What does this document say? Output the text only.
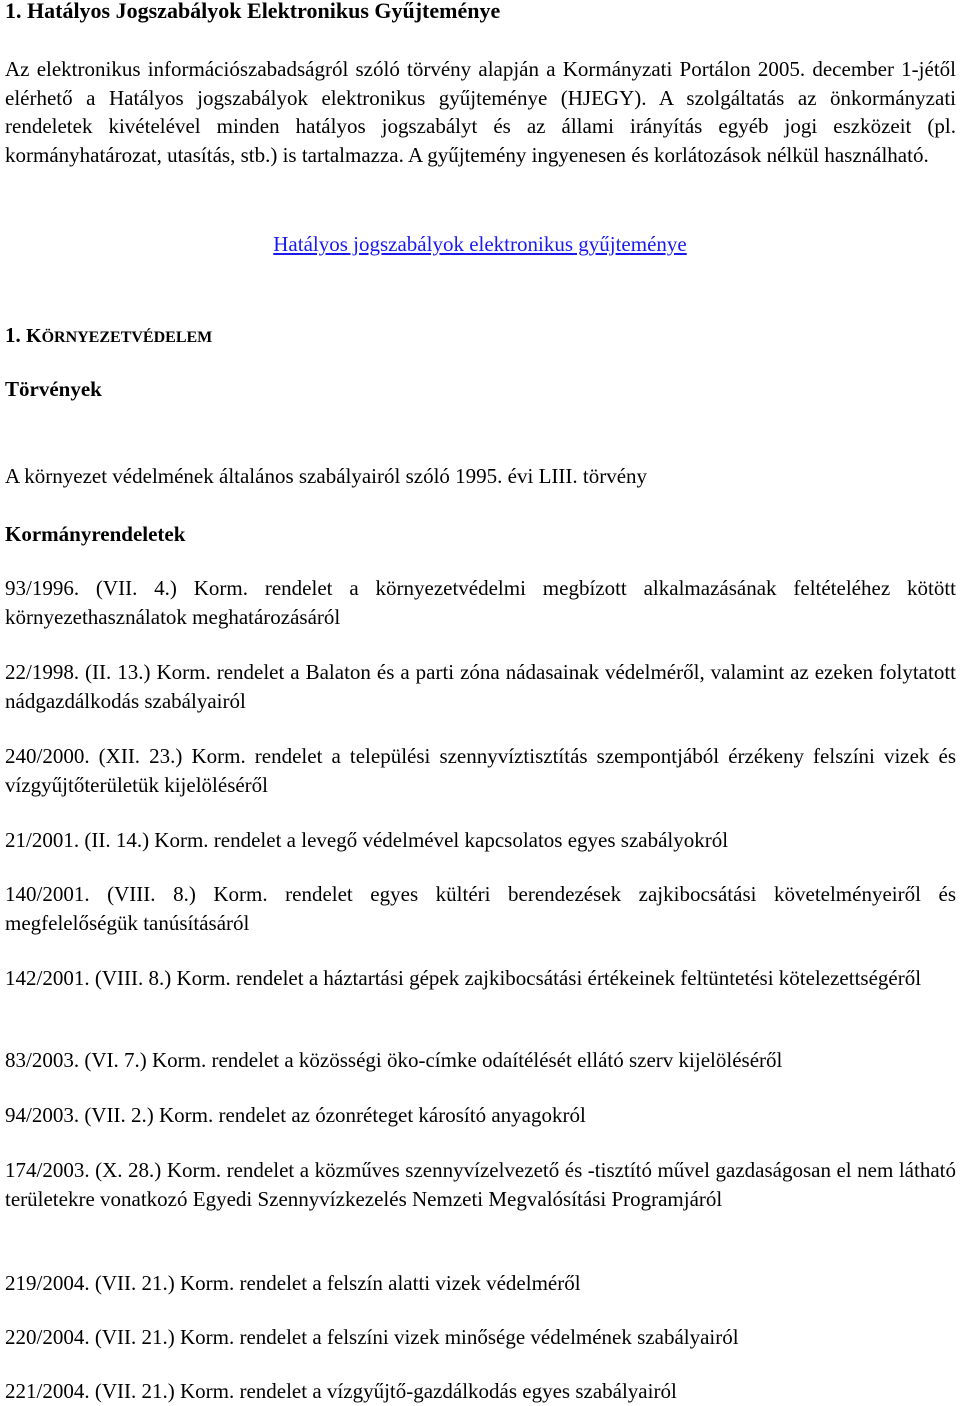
1. Hatályos Jogszabályok Elektronikus Gyűjteménye

Az elektronikus információszabadságról szóló törvény alapján a Kormányzati Portálon 2005. december 1-jétől elérhető a Hatályos jogszabályok elektronikus gyűjteménye (HJEGY). A szolgáltatás az önkormányzati rendeletek kivételével minden hatályos jogszabályt és az állami irányítás egyéb jogi eszközeit (pl. kormányhatározat, utasítás, stb.) is tartalmazza. A gyűjtemény ingyenesen és korlátozások nélkül használható.

Hatályos jogszabályok elektronikus gyűjteménye
1. KÖRNYEZETVÉDELEM
Törvények

A környezet védelmének általános szabályairól szóló 1995. évi LIII. törvény

Kormányrendeletek

93/1996. (VII. 4.) Korm. rendelet a környezetvédelmi megbízott alkalmazásának feltételéhez kötött környezethasználatok meghatározásáról

22/1998. (II. 13.) Korm. rendelet a Balaton és a parti zóna nádasainak védelméről, valamint az ezeken folytatott nádgazdálkodás szabályairól

240/2000. (XII. 23.) Korm. rendelet a települési szennyvíztisztítás szempontjából érzékeny felszíni vizek és vízgyűjtőterületük kijelöléséről

21/2001. (II. 14.) Korm. rendelet a levegő védelmével kapcsolatos egyes szabályokról

140/2001. (VIII. 8.) Korm. rendelet egyes kültéri berendezések zajkibocsátási követelményeiről és megfelelőségük tanúsításáról

142/2001. (VIII. 8.) Korm. rendelet a háztartási gépek zajkibocsátási értékeinek feltüntetési kötelezettségéről

83/2003. (VI. 7.) Korm. rendelet a közösségi öko-címke odaítélését ellátó szerv kijelöléséről

94/2003. (VII. 2.) Korm. rendelet az ózonréteget károsító anyagokról

174/2003. (X. 28.) Korm. rendelet a közműves szennyvízelvezető és -tisztító művel gazdaságosan el nem látható területekre vonatkozó Egyedi Szennyvízkezelés Nemzeti Megvalósítási Programjáról

219/2004. (VII. 21.) Korm. rendelet a felszín alatti vizek védelméről

220/2004. (VII. 21.) Korm. rendelet a felszíni vizek minősége védelmének szabályairól

221/2004. (VII. 21.) Korm. rendelet a vízgyűjtő-gazdálkodás egyes szabályairól
